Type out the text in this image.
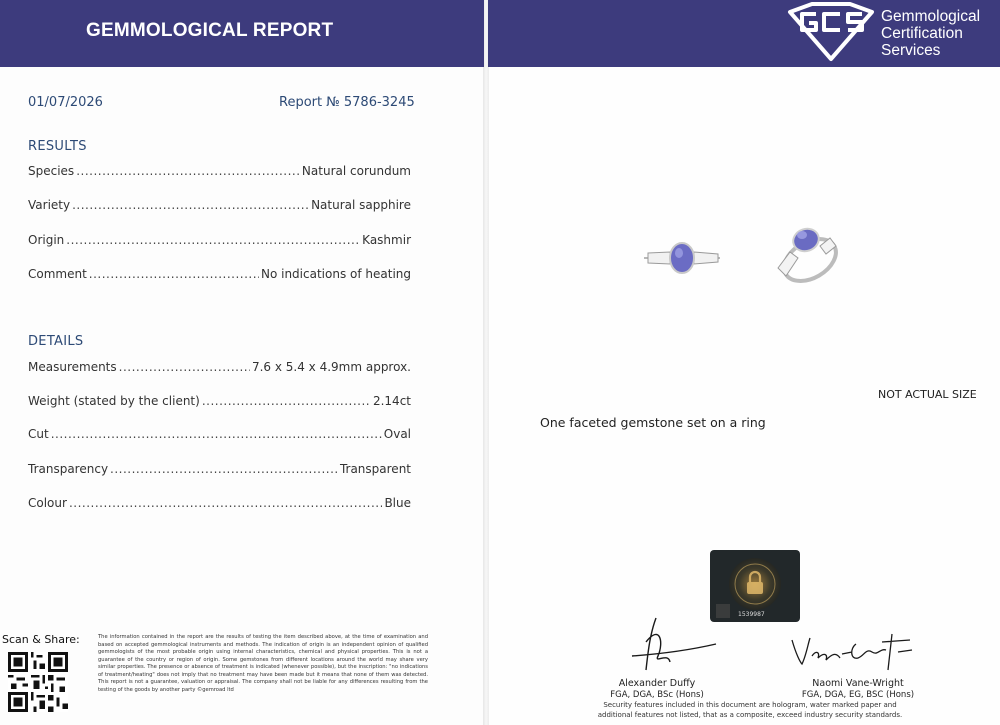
GEMMOLOGICAL REPORT
Gemmological
Certification
Services
01/07/2026	Report № 5786-3245
RESULTS
Species .....	Natural corundum
Variety .....	Natural sapphire
Origin .....	Kashmir
Comment .....	No indications of heating
DETAILS
Measurements .....	7.6 x 5.4 x 4.9mm approx.
Weight (stated by the client) .....	2.14ct
Cut .....	Oval
Transparency .....	Transparent
Colour .....	Blue
Scan & Share:	The information contained in the report are the results of testing the item described above, at the time of examination and based on accepted gemmological instruments and methods. The indication of origin is an independent opinion of qualified gemmologists of the most probable origin using internal characteristics, chemical and physical properties. This is not a guarantee of the country or region of origin. Some gemstones from different locations around the world may share very similar properties. The presence or absence of treatment is indicated (whenever possible), but the inscription: "no indications of treatment/heating" does not imply that no treatment may have been made but it means that none of them was detected. This report is not a guarantee, valuation or appraisal. The company shall not be liable for any differences resulting from the testing of the goods by another party ©gemroad ltd
NOT ACTUAL SIZE
One faceted gemstone set on a ring
1539987
Alexander Duffy
FGA, DGA, BSc (Hons)
Naomi Vane-Wright
FGA, DGA, EG, BSC (Hons)
Security features included in this document are hologram, water marked paper and additional features not listed, that as a composite, exceed industry security standards.
